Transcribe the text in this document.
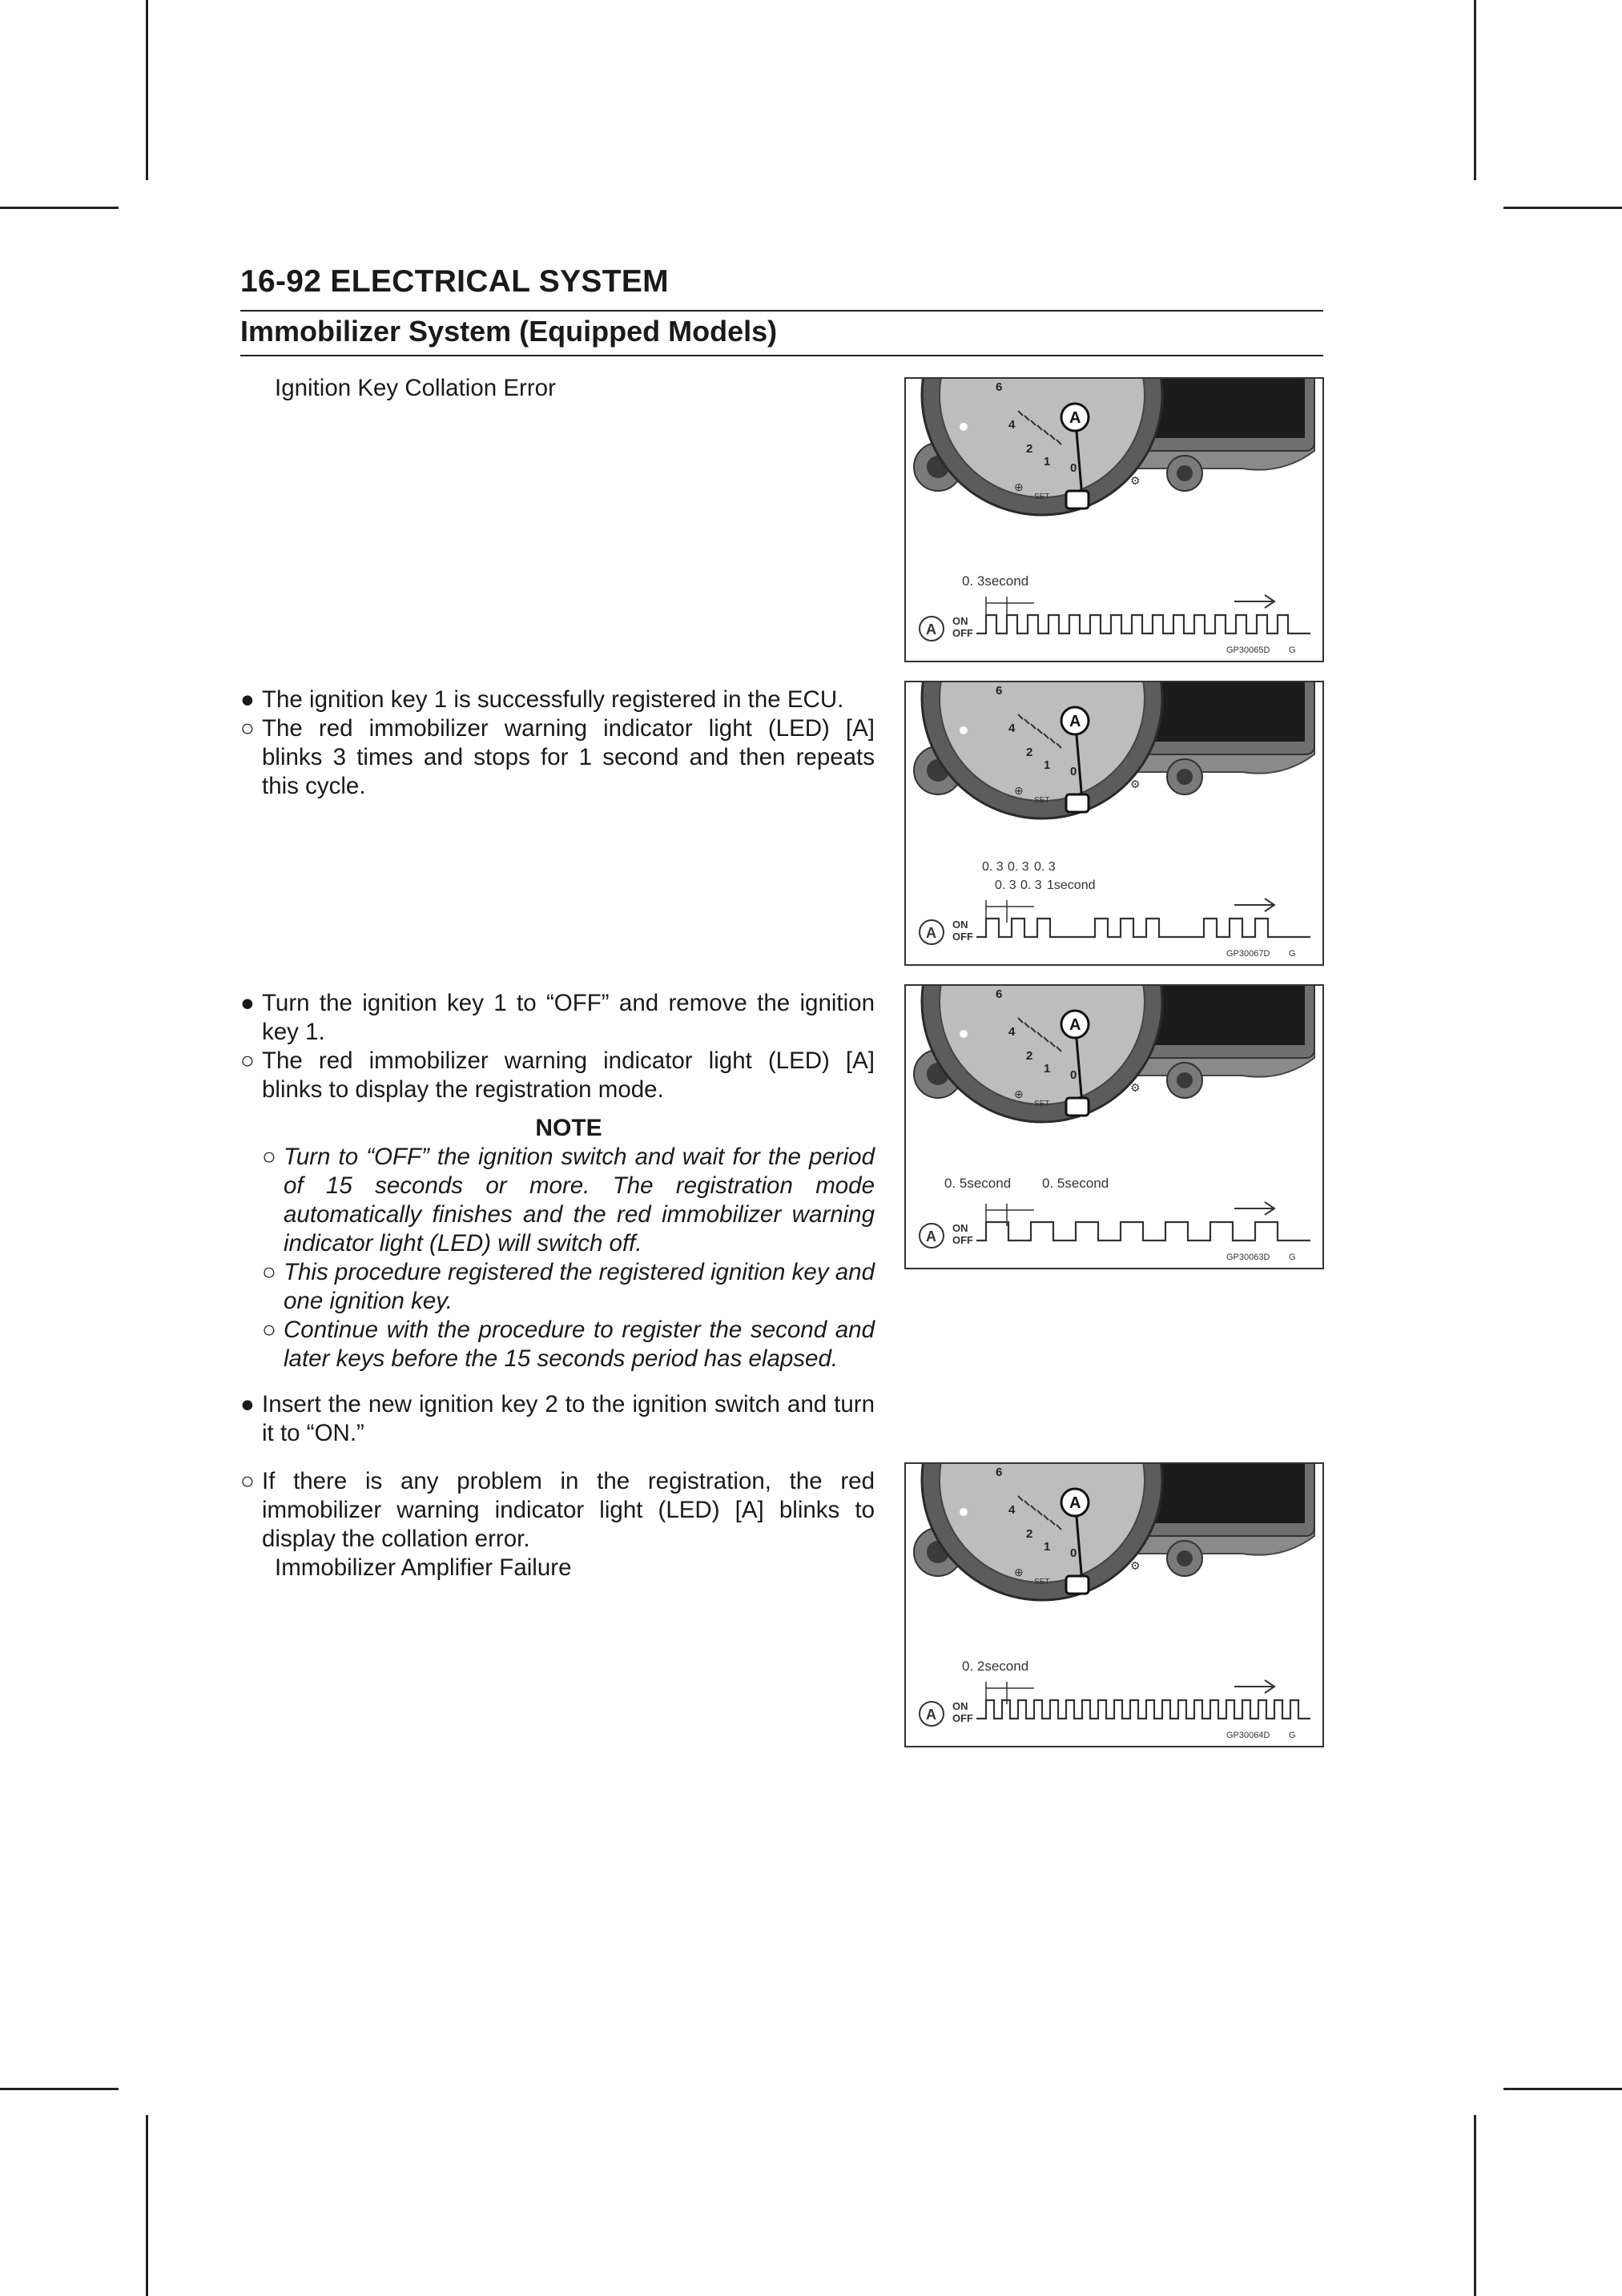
16-92 ELECTRICAL SYSTEM
Immobilizer System (Equipped Models)
Ignition Key Collation Error
● The ignition key 1 is successfully registered in the ECU.
○ The red immobilizer warning indicator light (LED) [A] blinks 3 times and stops for 1 second and then repeats this cycle.
● Turn the ignition key 1 to “OFF” and remove the ignition key 1.
○ The red immobilizer warning indicator light (LED) [A] blinks to display the registration mode.
NOTE
○ Turn to “OFF” the ignition switch and wait for the period of 15 seconds or more. The registration mode automatically finishes and the red immobilizer warning indicator light (LED) will switch off.
○ This procedure registered the registered ignition key and one ignition key.
○ Continue with the procedure to register the second and later keys before the 15 seconds period has elapsed.
● Insert the new ignition key 2 to the ignition switch and turn it to “ON.”
○ If there is any problem in the registration, the red immobilizer warning indicator light (LED) [A] blinks to display the collation error.
Immobilizer Amplifier Failure
6
4
2
1 0
SET
⊕	⚙
A
A
ON
OFF
0. 3second
GP30065D G
6
4
2
1 0
SET
⊕	⚙
A
A
ON
OFF
0. 3
0. 3
0. 3
0. 3
0. 3
1second
GP30067D G
6
4
2
1 0
SET
⊕	⚙
A
A
ON
OFF
0. 5second 0. 5second
GP30063D G
6
4
2
1 0
SET
⊕	⚙
A
A
ON
OFF
0. 2second
GP30064D G
